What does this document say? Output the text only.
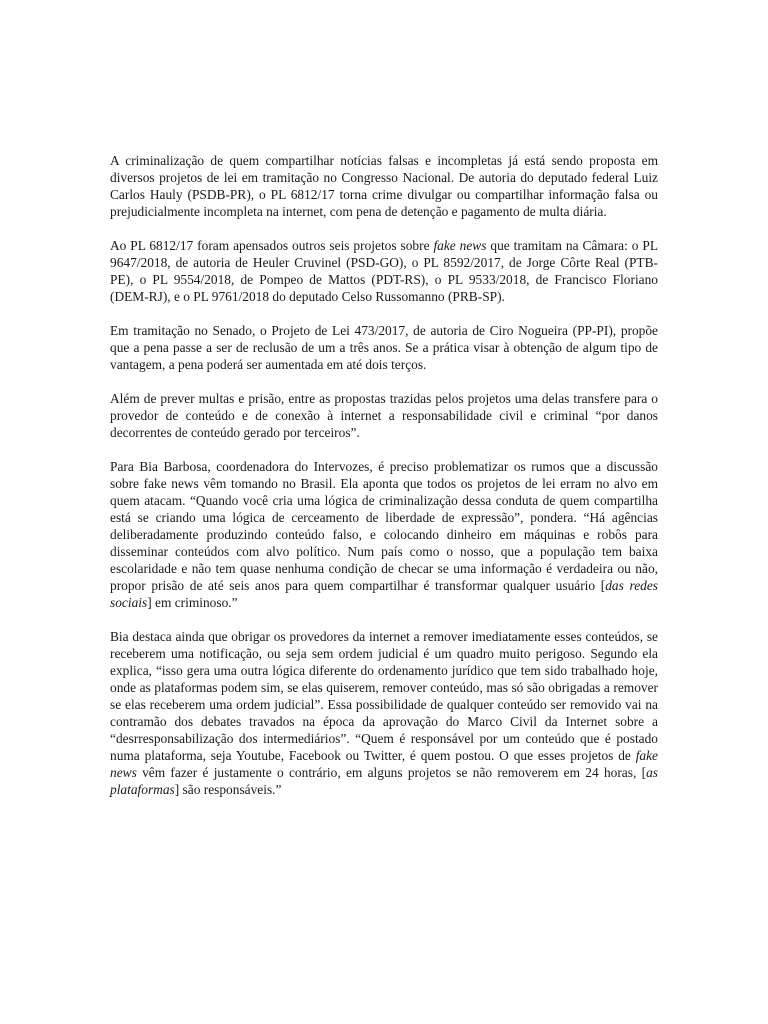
A criminalização de quem compartilhar notícias falsas e incompletas já está sendo proposta em diversos projetos de lei em tramitação no Congresso Nacional. De autoria do deputado federal Luiz Carlos Hauly (PSDB-PR), o PL 6812/17 torna crime divulgar ou compartilhar informação falsa ou prejudicialmente incompleta na internet, com pena de detenção e pagamento de multa diária.

Ao PL 6812/17 foram apensados outros seis projetos sobre fake news que tramitam na Câmara: o PL 9647/2018, de autoria de Heuler Cruvinel (PSD-GO), o PL 8592/2017, de Jorge Côrte Real (PTB-PE), o PL 9554/2018, de Pompeo de Mattos (PDT-RS), o PL 9533/2018, de Francisco Floriano (DEM-RJ), e o PL 9761/2018 do deputado Celso Russomanno (PRB-SP).

Em tramitação no Senado, o Projeto de Lei 473/2017, de autoria de Ciro Nogueira (PP-PI), propõe que a pena passe a ser de reclusão de um a três anos. Se a prática visar à obtenção de algum tipo de vantagem, a pena poderá ser aumentada em até dois terços.

Além de prever multas e prisão, entre as propostas trazidas pelos projetos uma delas transfere para o provedor de conteúdo e de conexão à internet a responsabilidade civil e criminal “por danos decorrentes de conteúdo gerado por terceiros”.

Para Bia Barbosa, coordenadora do Intervozes, é preciso problematizar os rumos que a discussão sobre fake news vêm tomando no Brasil. Ela aponta que todos os projetos de lei erram no alvo em quem atacam. “Quando você cria uma lógica de criminalização dessa conduta de quem compartilha está se criando uma lógica de cerceamento de liberdade de expressão”, pondera. “Há agências deliberadamente produzindo conteúdo falso, e colocando dinheiro em máquinas e robôs para disseminar conteúdos com alvo político. Num país como o nosso, que a população tem baixa escolaridade e não tem quase nenhuma condição de checar se uma informação é verdadeira ou não, propor prisão de até seis anos para quem compartilhar é transformar qualquer usuário [das redes sociais] em criminoso.”

Bia destaca ainda que obrigar os provedores da internet a remover imediatamente esses conteúdos, se receberem uma notificação, ou seja sem ordem judicial é um quadro muito perigoso. Segundo ela explica, “isso gera uma outra lógica diferente do ordenamento jurídico que tem sido trabalhado hoje, onde as plataformas podem sim, se elas quiserem, remover conteúdo, mas só são obrigadas a remover se elas receberem uma ordem judicial”. Essa possibilidade de qualquer conteúdo ser removido vai na contramão dos debates travados na época da aprovação do Marco Civil da Internet sobre a “desrresponsabilização dos intermediários”. “Quem é responsável por um conteúdo que é postado numa plataforma, seja Youtube, Facebook ou Twitter, é quem postou. O que esses projetos de fake news vêm fazer é justamente o contrário, em alguns projetos se não removerem em 24 horas, [as plataformas] são responsáveis.”
